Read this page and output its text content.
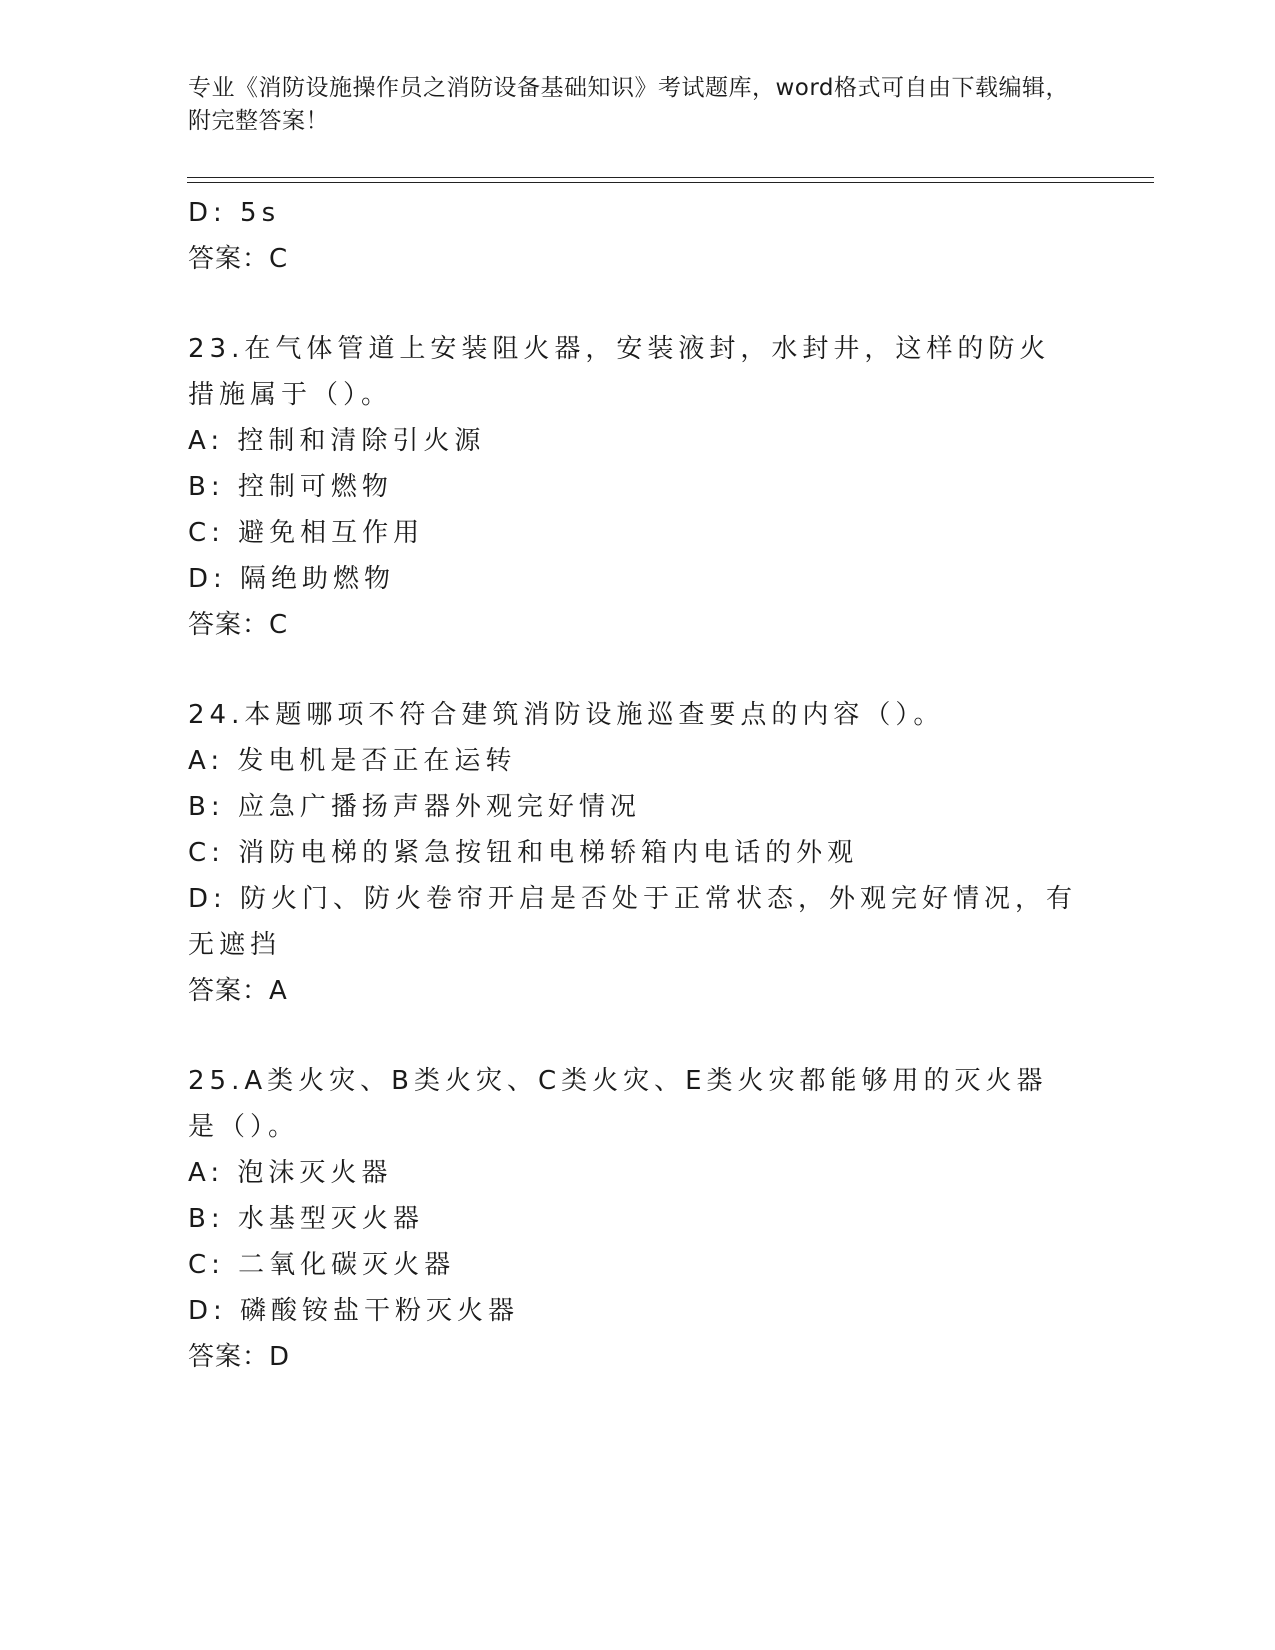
专业《消防设施操作员之消防设备基础知识》考试题库，word格式可自由下载编辑，附完整答案！
D: 5s
答案：C
23.在气体管道上安装阻火器，安装液封，水封井，这样的防火措施属于（）。
A: 控制和清除引火源
B: 控制可燃物
C: 避免相互作用
D: 隔绝助燃物
答案：C
24.本题哪项不符合建筑消防设施巡查要点的内容（）。
A: 发电机是否正在运转
B: 应急广播扬声器外观完好情况
C: 消防电梯的紧急按钮和电梯轿箱内电话的外观
D: 防火门、防火卷帘开启是否处于正常状态，外观完好情况，有无遮挡
答案：A
25.A类火灾、B类火灾、C类火灾、E类火灾都能够用的灭火器是（）。
A: 泡沫灭火器
B: 水基型灭火器
C: 二氧化碳灭火器
D: 磷酸铵盐干粉灭火器
答案：D
